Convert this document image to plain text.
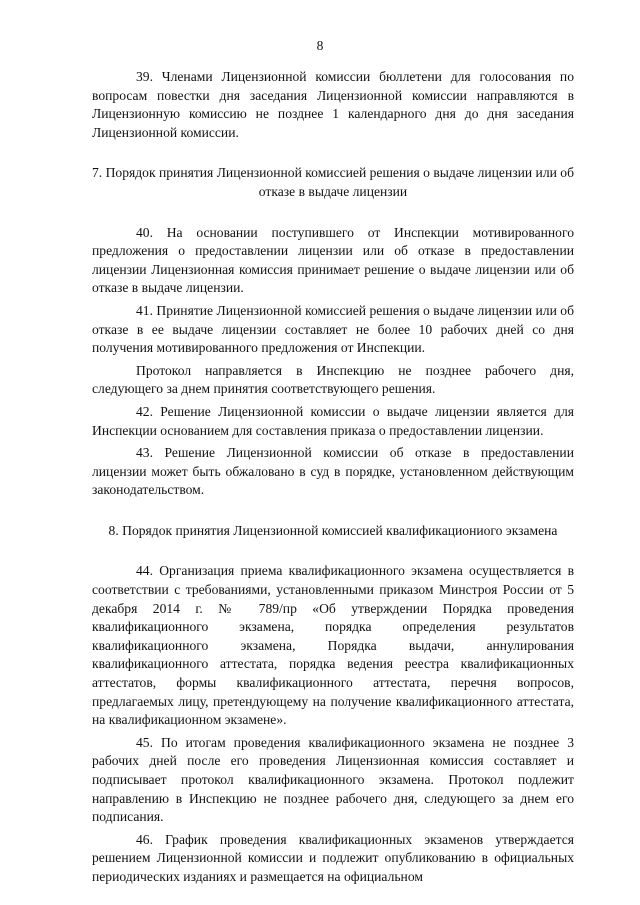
8

39. Членами Лицензионной комиссии бюллетени для голосования по вопросам повестки дня заседания Лицензионной комиссии направляются в Лицензионную комиссию не позднее 1 календарного дня до дня заседания Лицензионной комиссии.

7. Порядок принятия Лицензионной комиссией решения о выдаче лицензии или об отказе в выдаче лицензии

40. На основании поступившего от Инспекции мотивированного предложения о предоставлении лицензии или об отказе в предоставлении лицензии Лицензионная комиссия принимает решение о выдаче лицензии или об отказе в выдаче лицензии.

41. Принятие Лицензионной комиссией решения о выдаче лицензии или об отказе в ее выдаче лицензии составляет не более 10 рабочих дней со дня получения мотивированного предложения от Инспекции.

Протокол направляется в Инспекцию не позднее рабочего дня, следующего за днем принятия соответствующего решения.

42. Решение Лицензионной комиссии о выдаче лицензии является для Инспекции основанием для составления приказа о предоставлении лицензии.

43. Решение Лицензионной комиссии об отказе в предоставлении лицензии может быть обжаловано в суд в порядке, установленном действующим законодательством.

8. Порядок принятия Лицензионной комиссией квалификациониого экзамена

44. Организация приема квалификационного экзамена осуществляется в соответствии с требованиями, установленными приказом Минстроя России от 5 декабря 2014 г. № 789/пр «Об утверждении Порядка проведения квалификационного экзамена, порядка определения результатов квалификационного экзамена, Порядка выдачи, аннулирования квалификационного аттестата, порядка ведения реестра квалификационных аттестатов, формы квалификационного аттестата, перечня вопросов, предлагаемых лицу, претендующему на получение квалификационного аттестата, на квалификационном экзамене».

45. По итогам проведения квалификационного экзамена не позднее 3 рабочих дней после его проведения Лицензионная комиссия составляет и подписывает протокол квалификационного экзамена. Протокол подлежит направлению в Инспекцию не позднее рабочего дня, следующего за днем его подписания.

46. График проведения квалификационных экзаменов утверждается решением Лицензионной комиссии и подлежит опубликованию в официальных периодических изданиях и размещается на официальном
